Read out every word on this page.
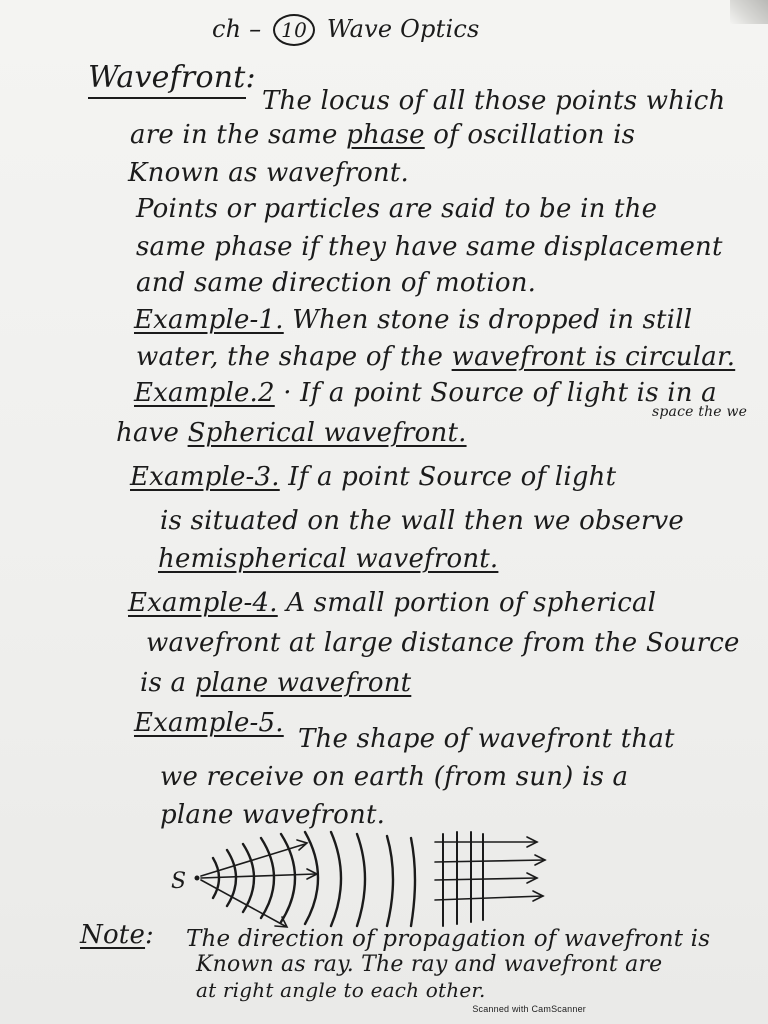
ch – 10 Wave Optics
Wavefront:
The locus of all those points which
are in the same phase of oscillation is
Known as wavefront.
Points or particles are said to be in the
same phase if they have same displacement
and same direction of motion.
Example-1. When stone is dropped in still
water, the shape of the wavefront is circular.
Example.2 · If a point Source of light is in a
space the we
have Spherical wavefront.
Example-3. If a point Source of light
is situated on the wall then we observe
hemispherical wavefront.
Example-4. A small portion of spherical
wavefront at large distance from the Source
is a plane wavefront
Example-5.
The shape of wavefront that
we receive on earth (from sun) is a
plane wavefront.
S
Note: The direction of propagation of wavefront is
Known as ray. The ray and wavefront are
at right angle to each other.
Scanned with CamScanner
